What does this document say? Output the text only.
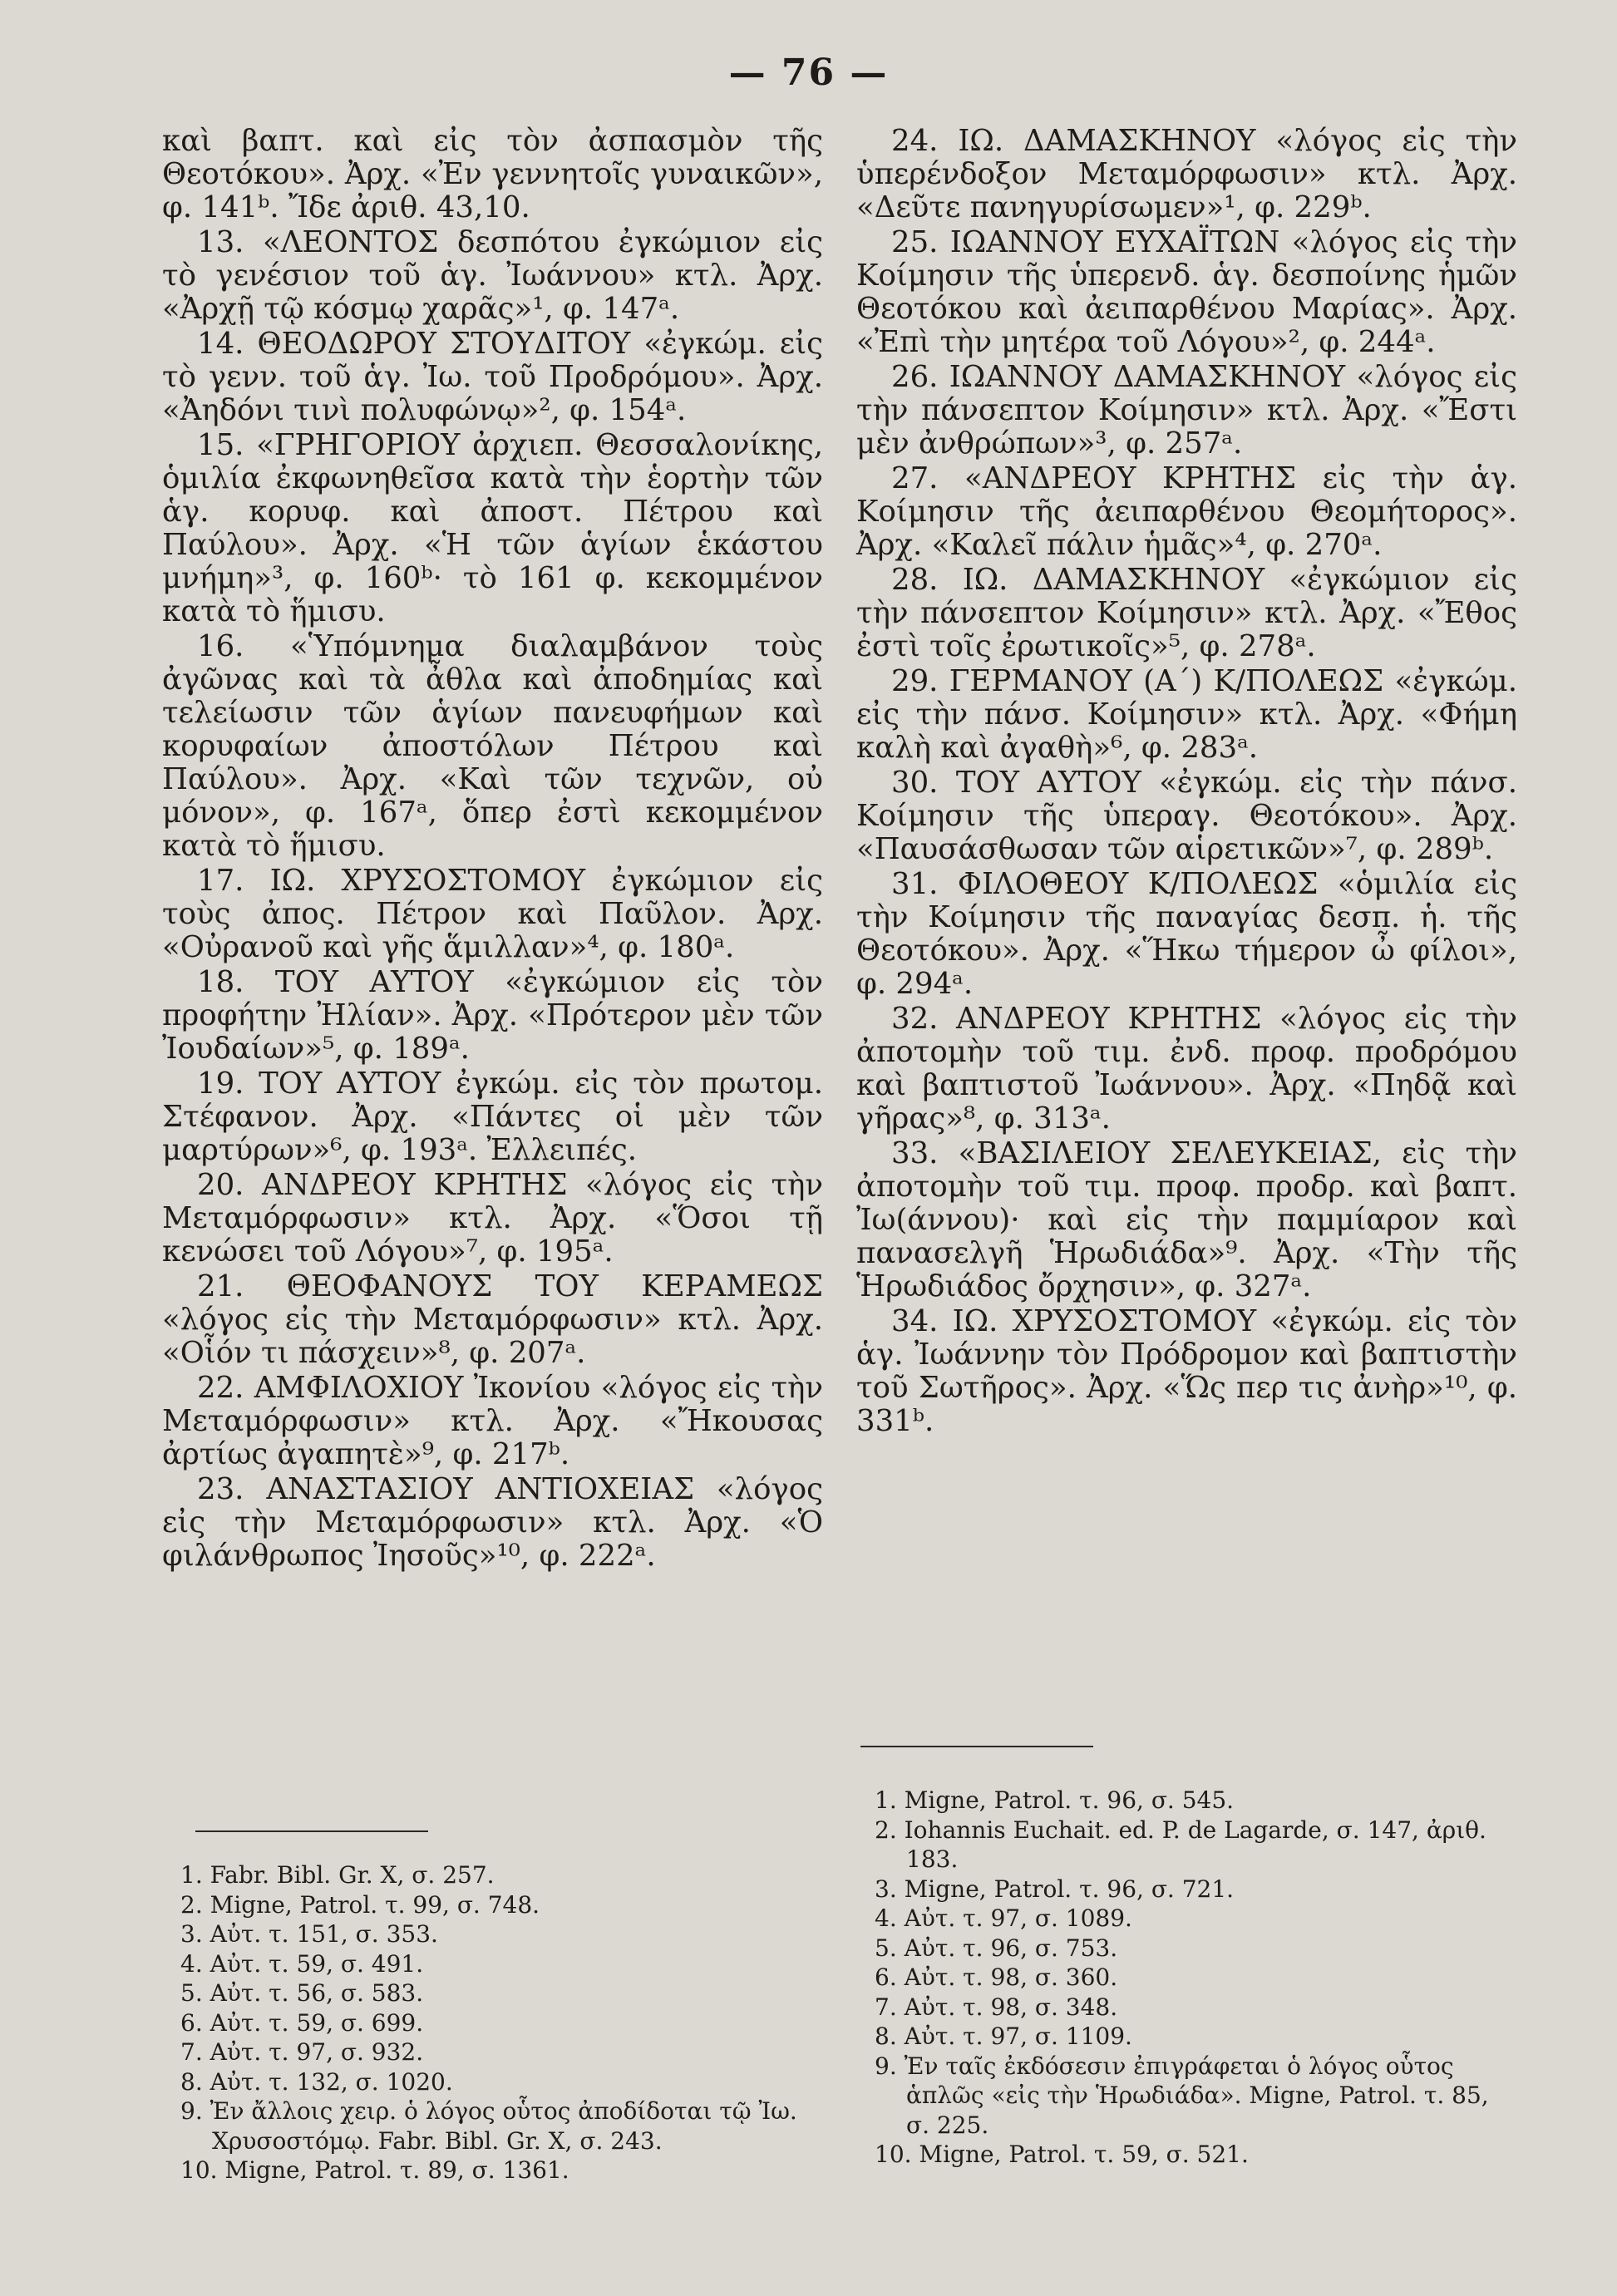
— 76 —

καὶ βαπτ. καὶ εἰς τὸν ἀσπασμὸν τῆς Θεοτόκου». Ἀρχ. «Ἐν γεννητοῖς γυναικῶν», φ. 141ᵇ. Ἴδε ἀριθ. 43,10.

13. «ΛΕΟΝΤΟΣ δεσπότου ἐγκώμιον εἰς τὸ γενέσιον τοῦ ἁγ. Ἰωάννου» κτλ. Ἀρχ. «Ἀρχῇ τῷ κόσμῳ χαρᾶς»¹, φ. 147ᵃ.

14. ΘΕΟΔΩΡΟΥ ΣΤΟΥΔΙΤΟΥ «ἐγκώμ. εἰς τὸ γενν. τοῦ ἁγ. Ἰω. τοῦ Προδρόμου». Ἀρχ. «Ἀηδόνι τινὶ πολυφώνῳ»², φ. 154ᵃ.

15. «ΓΡΗΓΟΡΙΟΥ ἀρχιεπ. Θεσσαλονίκης, ὁμιλία ἐκφωνηθεῖσα κατὰ τὴν ἑορτὴν τῶν ἁγ. κορυφ. καὶ ἀποστ. Πέτρου καὶ Παύλου». Ἀρχ. «Ἡ τῶν ἁγίων ἑκάστου μνήμη»³, φ. 160ᵇ· τὸ 161 φ. κεκομμένον κατὰ τὸ ἥμισυ.

16. «Ὑπόμνημα διαλαμβάνον τοὺς ἀγῶνας καὶ τὰ ἆθλα καὶ ἀποδημίας καὶ τελείωσιν τῶν ἁγίων πανευφήμων καὶ κορυφαίων ἀποστόλων Πέτρου καὶ Παύλου». Ἀρχ. «Καὶ τῶν τεχνῶν, οὐ μόνον», φ. 167ᵃ, ὅπερ ἐστὶ κεκομμένον κατὰ τὸ ἥμισυ.

17. ΙΩ. ΧΡΥΣΟΣΤΟΜΟΥ ἐγκώμιον εἰς τοὺς ἀπος. Πέτρον καὶ Παῦλον. Ἀρχ. «Οὐρανοῦ καὶ γῆς ἅμιλλαν»⁴, φ. 180ᵃ.

18. ΤΟΥ ΑΥΤΟΥ «ἐγκώμιον εἰς τὸν προφήτην Ἠλίαν». Ἀρχ. «Πρότερον μὲν τῶν Ἰουδαίων»⁵, φ. 189ᵃ.

19. ΤΟΥ ΑΥΤΟΥ ἐγκώμ. εἰς τὸν πρωτομ. Στέφανον. Ἀρχ. «Πάντες οἱ μὲν τῶν μαρτύρων»⁶, φ. 193ᵃ. Ἐλλειπές.

20. ΑΝΔΡΕΟΥ ΚΡΗΤΗΣ «λόγος εἰς τὴν Μεταμόρφωσιν» κτλ. Ἀρχ. «Ὅσοι τῇ κενώσει τοῦ Λόγου»⁷, φ. 195ᵃ.

21. ΘΕΟΦΑΝΟΥΣ ΤΟΥ ΚΕΡΑΜΕΩΣ «λόγος εἰς τὴν Μεταμόρφωσιν» κτλ. Ἀρχ. «Οἷόν τι πάσχειν»⁸, φ. 207ᵃ.

22. ΑΜΦΙΛΟΧΙΟΥ Ἰκονίου «λόγος εἰς τὴν Μεταμόρφωσιν» κτλ. Ἀρχ. «Ἤκουσας ἀρτίως ἀγαπητὲ»⁹, φ. 217ᵇ.

23. ΑΝΑΣΤΑΣΙΟΥ ΑΝΤΙΟΧΕΙΑΣ «λόγος εἰς τὴν Μεταμόρφωσιν» κτλ. Ἀρχ. «Ὁ φιλάνθρωπος Ἰησοῦς»¹⁰, φ. 222ᵃ.

24. ΙΩ. ΔΑΜΑΣΚΗΝΟΥ «λόγος εἰς τὴν ὑπερένδοξον Μεταμόρφωσιν» κτλ. Ἀρχ. «Δεῦτε πανηγυρίσωμεν»¹, φ. 229ᵇ.

25. ΙΩΑΝΝΟΥ ΕΥΧΑΪΤΩΝ «λόγος εἰς τὴν Κοίμησιν τῆς ὑπερενδ. ἁγ. δεσποίνης ἡμῶν Θεοτόκου καὶ ἀειπαρθένου Μαρίας». Ἀρχ. «Ἐπὶ τὴν μητέρα τοῦ Λόγου»², φ. 244ᵃ.

26. ΙΩΑΝΝΟΥ ΔΑΜΑΣΚΗΝΟΥ «λόγος εἰς τὴν πάνσεπτον Κοίμησιν» κτλ. Ἀρχ. «Ἔστι μὲν ἀνθρώπων»³, φ. 257ᵃ.

27. «ΑΝΔΡΕΟΥ ΚΡΗΤΗΣ εἰς τὴν ἁγ. Κοίμησιν τῆς ἀειπαρθένου Θεομήτορος». Ἀρχ. «Καλεῖ πάλιν ἡμᾶς»⁴, φ. 270ᵃ.

28. ΙΩ. ΔΑΜΑΣΚΗΝΟΥ «ἐγκώμιον εἰς τὴν πάνσεπτον Κοίμησιν» κτλ. Ἀρχ. «Ἔθος ἐστὶ τοῖς ἐρωτικοῖς»⁵, φ. 278ᵃ.

29. ΓΕΡΜΑΝΟΥ (Α΄) Κ/ΠΟΛΕΩΣ «ἐγκώμ. εἰς τὴν πάνσ. Κοίμησιν» κτλ. Ἀρχ. «Φήμη καλὴ καὶ ἀγαθὴ»⁶, φ. 283ᵃ.

30. ΤΟΥ ΑΥΤΟΥ «ἐγκώμ. εἰς τὴν πάνσ. Κοίμησιν τῆς ὑπεραγ. Θεοτόκου». Ἀρχ. «Παυσάσθωσαν τῶν αἱρετικῶν»⁷, φ. 289ᵇ.

31. ΦΙΛΟΘΕΟΥ Κ/ΠΟΛΕΩΣ «ὁμιλία εἰς τὴν Κοίμησιν τῆς παναγίας δεσπ. ἡ. τῆς Θεοτόκου». Ἀρχ. «Ἥκω τήμερον ὦ φίλοι», φ. 294ᵃ.

32. ΑΝΔΡΕΟΥ ΚΡΗΤΗΣ «λόγος εἰς τὴν ἀποτομὴν τοῦ τιμ. ἐνδ. προφ. προδρόμου καὶ βαπτιστοῦ Ἰωάννου». Ἀρχ. «Πηδᾷ καὶ γῆρας»⁸, φ. 313ᵃ.

33. «ΒΑΣΙΛΕΙΟΥ ΣΕΛΕΥΚΕΙΑΣ, εἰς τὴν ἀποτομὴν τοῦ τιμ. προφ. προδρ. καὶ βαπτ. Ἰω(άννου)· καὶ εἰς τὴν παμμίαρον καὶ πανασελγῆ Ἡρωδιάδα»⁹. Ἀρχ. «Τὴν τῆς Ἡρωδιάδος ὄρχησιν», φ. 327ᵃ.

34. ΙΩ. ΧΡΥΣΟΣΤΟΜΟΥ «ἐγκώμ. εἰς τὸν ἁγ. Ἰωάννην τὸν Πρόδρομον καὶ βαπτιστὴν τοῦ Σωτῆρος». Ἀρχ. «Ὥς περ τις ἀνὴρ»¹⁰, φ. 331ᵇ.

1. Fabr. Bibl. Gr. X, σ. 257.

2. Migne, Patrol. τ. 99, σ. 748.

3. Αὐτ. τ. 151, σ. 353.

4. Αὐτ. τ. 59, σ. 491.

5. Αὐτ. τ. 56, σ. 583.

6. Αὐτ. τ. 59, σ. 699.

7. Αὐτ. τ. 97, σ. 932.

8. Αὐτ. τ. 132, σ. 1020.

9. Ἐν ἄλλοις χειρ. ὁ λόγος οὗτος ἀποδίδοται τῷ Ἰω. Χρυσοστόμῳ. Fabr. Bibl. Gr. X, σ. 243.

10. Migne, Patrol. τ. 89, σ. 1361.

1. Migne, Patrol. τ. 96, σ. 545.

2. Iohannis Euchait. ed. P. de Lagarde, σ. 147, ἀριθ. 183.

3. Migne, Patrol. τ. 96, σ. 721.

4. Αὐτ. τ. 97, σ. 1089.

5. Αὐτ. τ. 96, σ. 753.

6. Αὐτ. τ. 98, σ. 360.

7. Αὐτ. τ. 98, σ. 348.

8. Αὐτ. τ. 97, σ. 1109.

9. Ἐν ταῖς ἐκδόσεσιν ἐπιγράφεται ὁ λόγος οὗτος ἁπλῶς «εἰς τὴν Ἡρωδιάδα». Migne, Patrol. τ. 85, σ. 225.

10. Migne, Patrol. τ. 59, σ. 521.
